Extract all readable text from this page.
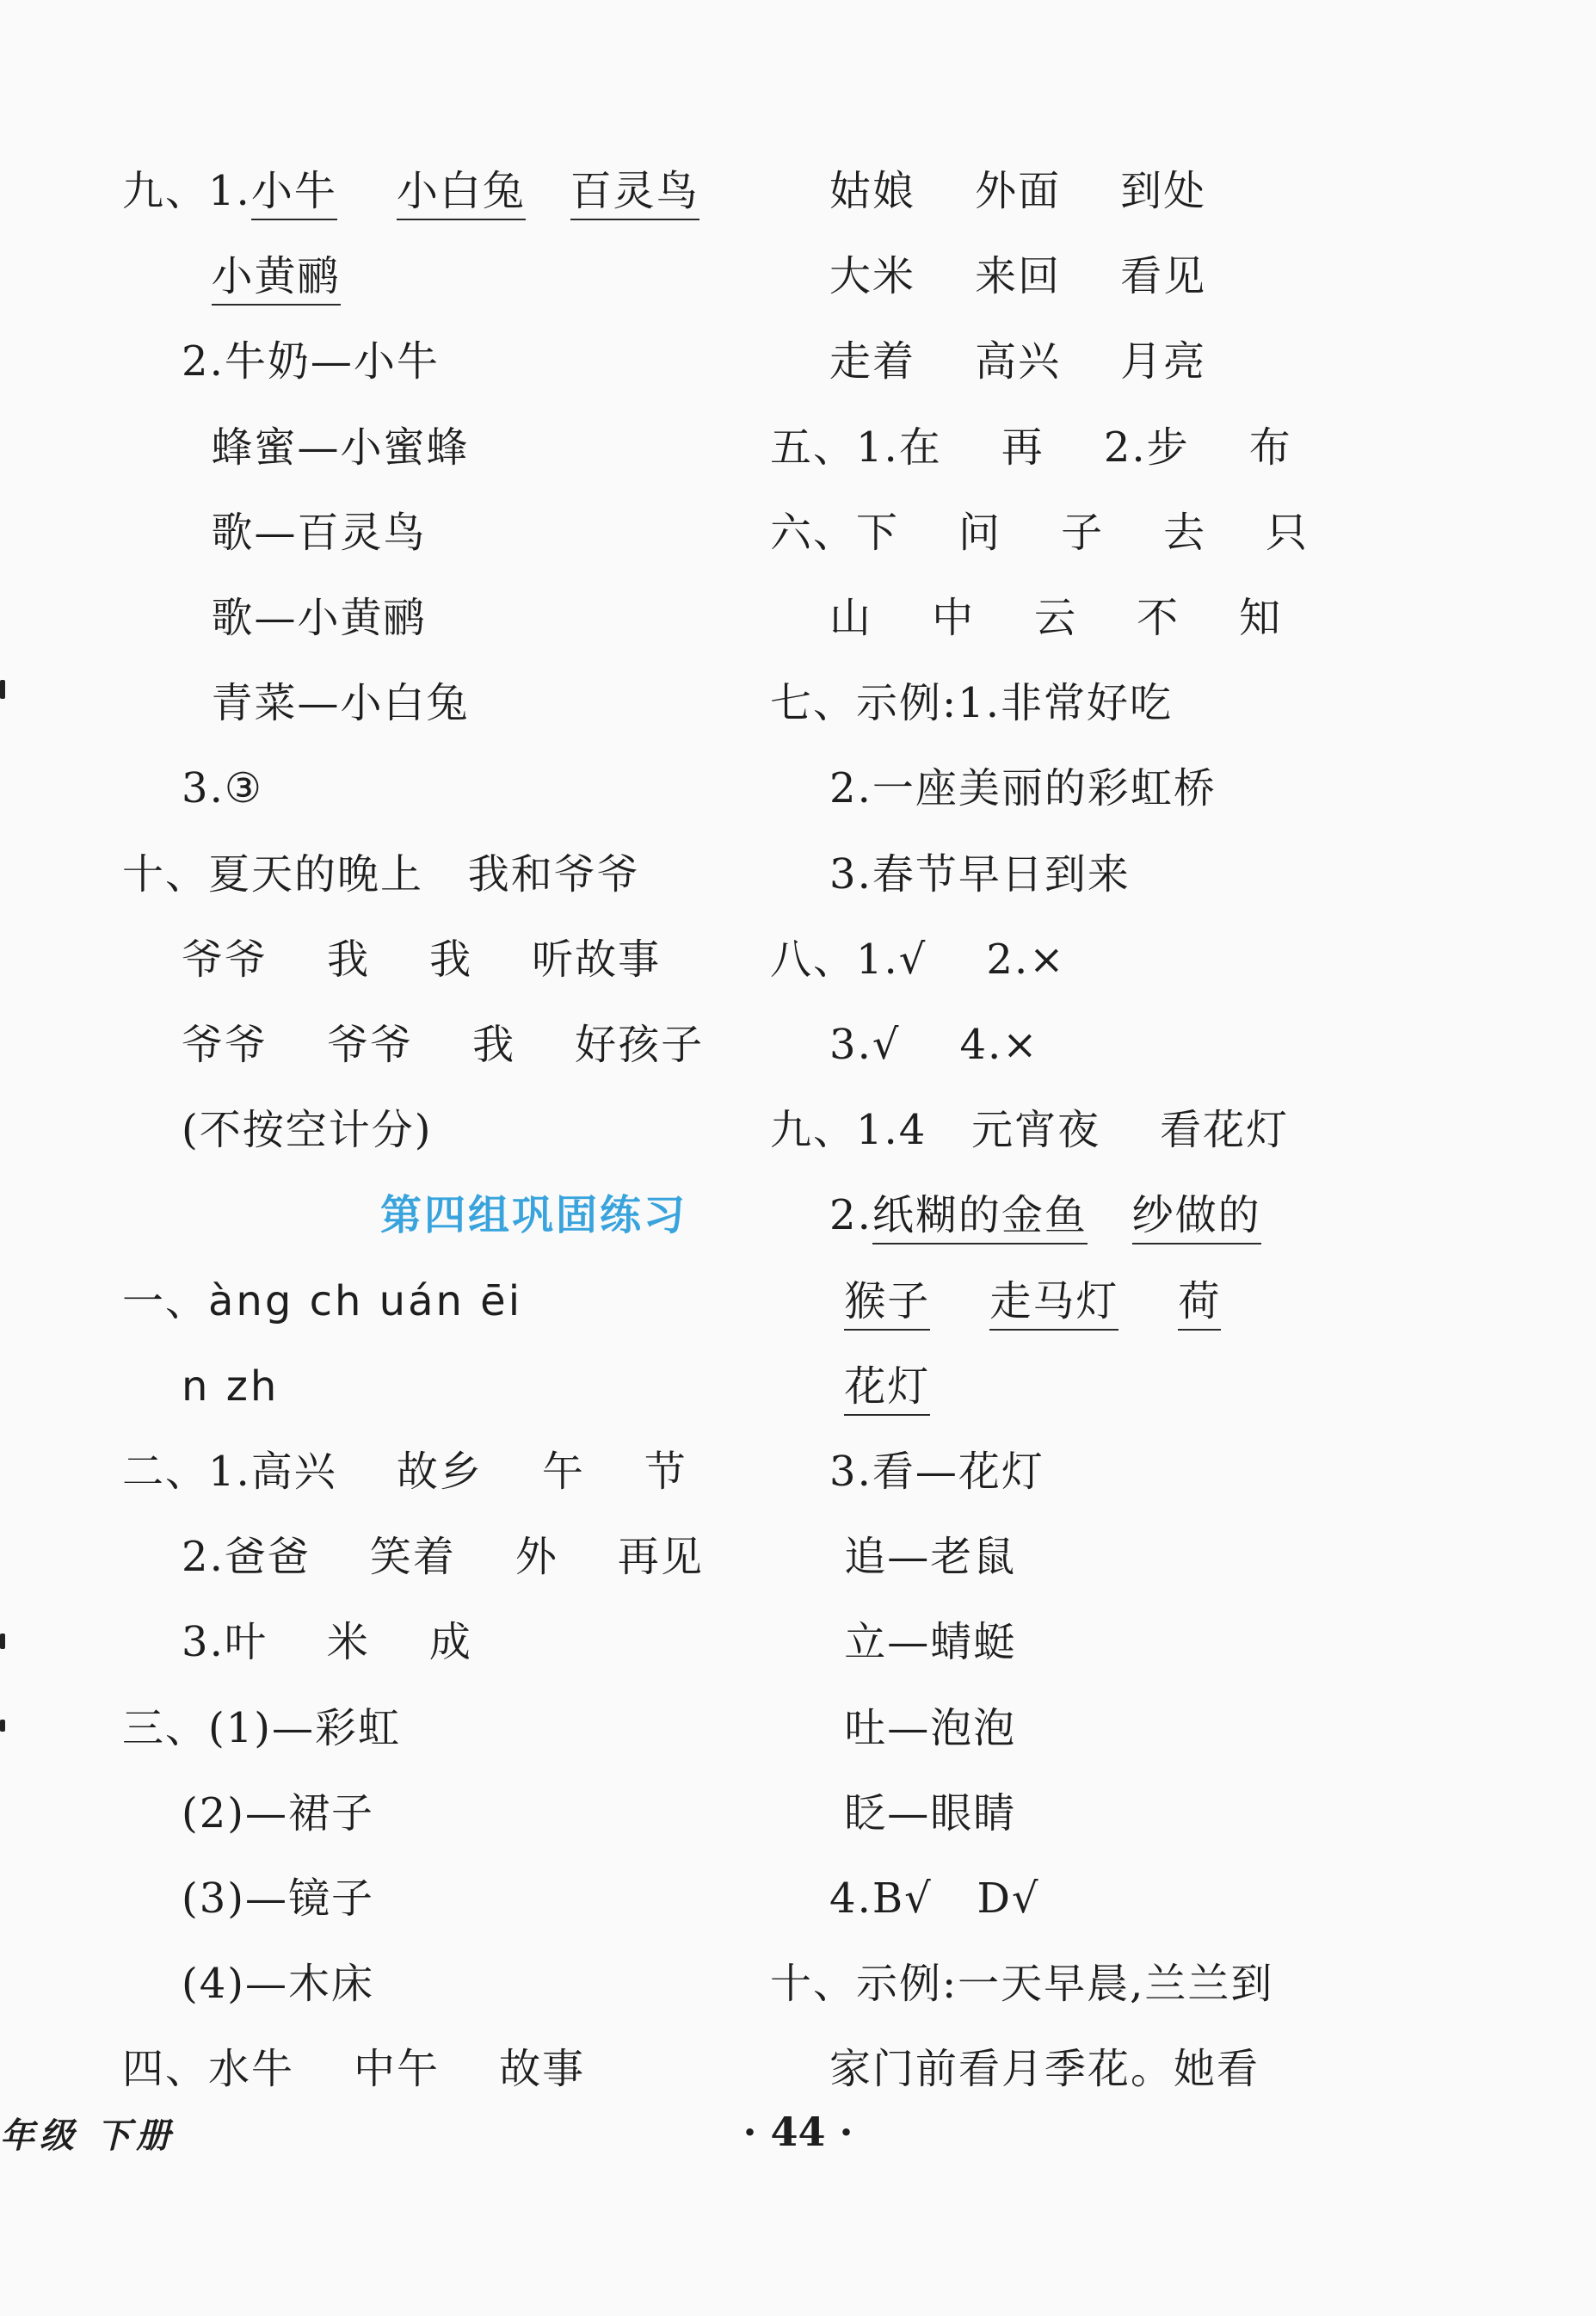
九、1.小牛 小白兔 百灵鸟
小黄鹂
2.牛奶—小牛
蜂蜜—小蜜蜂
歌—百灵鸟
歌—小黄鹂
青菜—小白兔
3.③
十、夏天的晚上   我和爷爷
爷爷    我    我    听故事
爷爷    爷爷    我    好孩子
(不按空计分)
第四组巩固练习
一、àng ch uán ēi
n zh
二、1.高兴    故乡    午    节
2.爸爸    笑着    外    再见
3.叶    米    成
三、(1)—彩虹
(2)—裙子
(3)—镜子
(4)—木床
四、水牛    中午    故事
姑娘    外面    到处
大米    来回    看见
走着    高兴    月亮
五、1.在    再    2.步    布
六、下    问    子    去    只
山    中    云    不    知
七、示例:1.非常好吃
2.一座美丽的彩虹桥
3.春节早日到来
八、1.√    2.×
3.√    4.×
九、1.4   元宵夜    看花灯
2.纸糊的金鱼 纱做的
猴子 走马灯 荷
花灯
3.看—花灯
追—老鼠
立—蜻蜓
吐—泡泡
眨—眼睛
4.B√   D√
十、示例:一天早晨,兰兰到
家门前看月季花。她看
年级 下册	· 44 ·
